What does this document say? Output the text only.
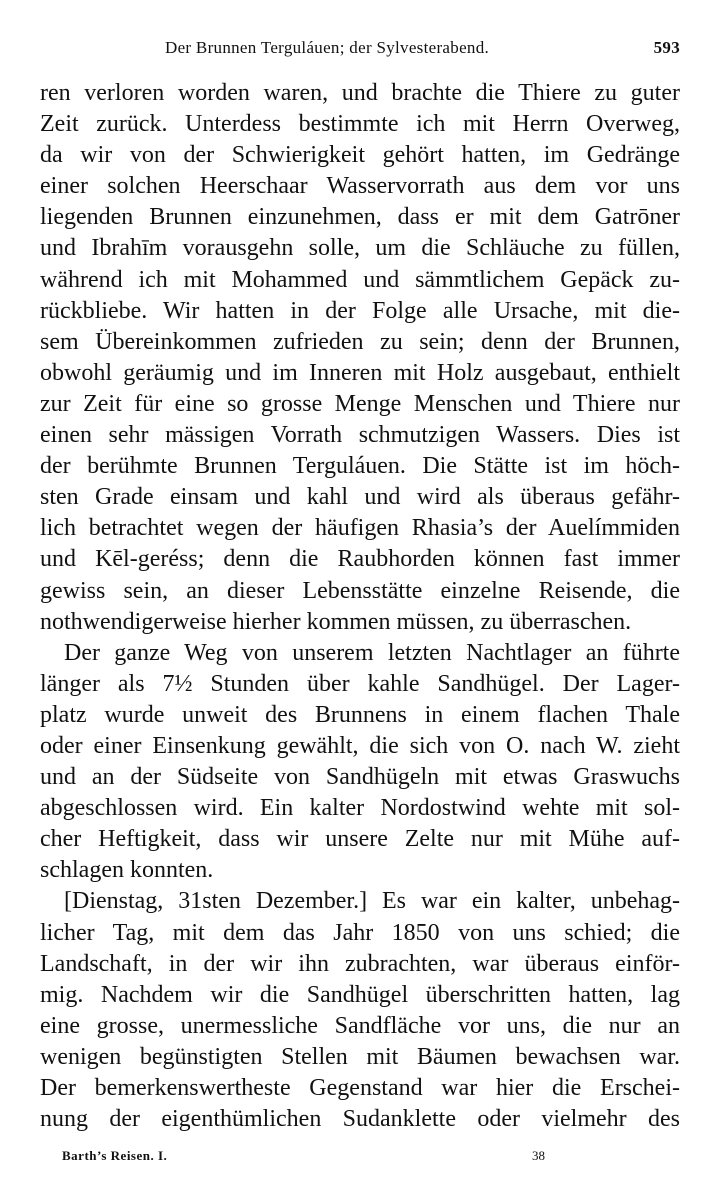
Der Brunnen Terguláuen; der Sylvesterabend.	593
ren verloren worden waren, und brachte die Thiere zu guter
Zeit zurück. Unterdess bestimmte ich mit Herrn Overweg,
da wir von der Schwierigkeit gehört hatten, im Gedränge
einer solchen Heerschaar Wasservorrath aus dem vor uns
liegenden Brunnen einzunehmen, dass er mit dem Gatrōner
und Ibrahīm vorausgehn solle, um die Schläuche zu füllen,
während ich mit Mohammed und sämmtlichem Gepäck zu-
rückbliebe. Wir hatten in der Folge alle Ursache, mit die-
sem Übereinkommen zufrieden zu sein; denn der Brunnen,
obwohl geräumig und im Inneren mit Holz ausgebaut, enthielt
zur Zeit für eine so grosse Menge Menschen und Thiere nur
einen sehr mässigen Vorrath schmutzigen Wassers. Dies ist
der berühmte Brunnen Terguláuen. Die Stätte ist im höch-
sten Grade einsam und kahl und wird als überaus gefähr-
lich betrachtet wegen der häufigen Rhasia’s der Auelímmiden
und Kēl-geréss; denn die Raubhorden können fast immer
gewiss sein, an dieser Lebensstätte einzelne Reisende, die
nothwendigerweise hierher kommen müssen, zu überraschen.
Der ganze Weg von unserem letzten Nachtlager an führte
länger als 7½ Stunden über kahle Sandhügel. Der Lager-
platz wurde unweit des Brunnens in einem flachen Thale
oder einer Einsenkung gewählt, die sich von O. nach W. zieht
und an der Südseite von Sandhügeln mit etwas Graswuchs
abgeschlossen wird. Ein kalter Nordostwind wehte mit sol-
cher Heftigkeit, dass wir unsere Zelte nur mit Mühe auf-
schlagen konnten.
[Dienstag, 31sten Dezember.] Es war ein kalter, unbehag-
licher Tag, mit dem das Jahr 1850 von uns schied; die
Landschaft, in der wir ihn zubrachten, war überaus einför-
mig. Nachdem wir die Sandhügel überschritten hatten, lag
eine grosse, unermessliche Sandfläche vor uns, die nur an
wenigen begünstigten Stellen mit Bäumen bewachsen war.
Der bemerkenswertheste Gegenstand war hier die Erschei-
nung der eigenthümlichen Sudanklette oder vielmehr des
Barth’s Reisen. I.	38
